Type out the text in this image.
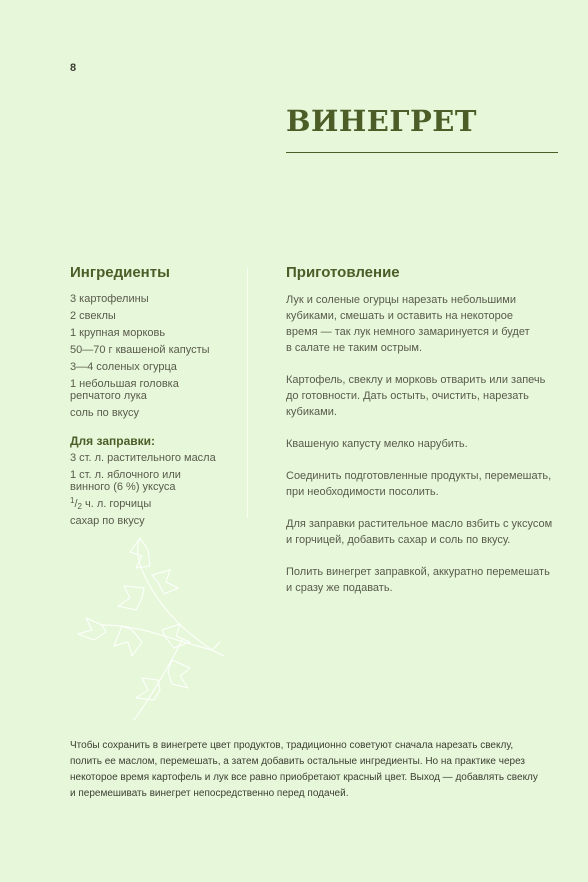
8
ВИНЕГРЕТ
Ингредиенты
3 картофелины
2 свеклы
1 крупная морковь
50—70 г квашеной капусты
3—4 соленых огурца
1 небольшая головка репчатого лука
соль по вкусу
Для заправки:
3 ст. л. растительного масла
1 ст. л. яблочного или винного (6 %) уксуса
$^1/_2$ ч. л. горчицы
сахар по вкусу
Приготовление
Лук и соленые огурцы нарезать небольшими кубиками, смешать и оставить на некоторое время — так лук немного замаринуется и будет в салате не таким острым.
Картофель, свеклу и морковь отварить или запечь до готовности. Дать остыть, очистить, нарезать кубиками.
Квашеную капусту мелко нарубить.
Соединить подготовленные продукты, перемешать, при необходимости посолить.
Для заправки растительное масло взбить с уксусом и горчицей, добавить сахар и соль по вкусу.
Полить винегрет заправкой, аккуратно перемешать и сразу же подавать.

Чтобы сохранить в винегрете цвет продуктов, традиционно советуют сначала нарезать свеклу, полить ее маслом, перемешать, а затем добавить остальные ингредиенты. Но на практике через некоторое время картофель и лук все равно приобретают красный цвет. Выход — добавлять свеклу и перемешивать винегрет непосредственно перед подачей.
